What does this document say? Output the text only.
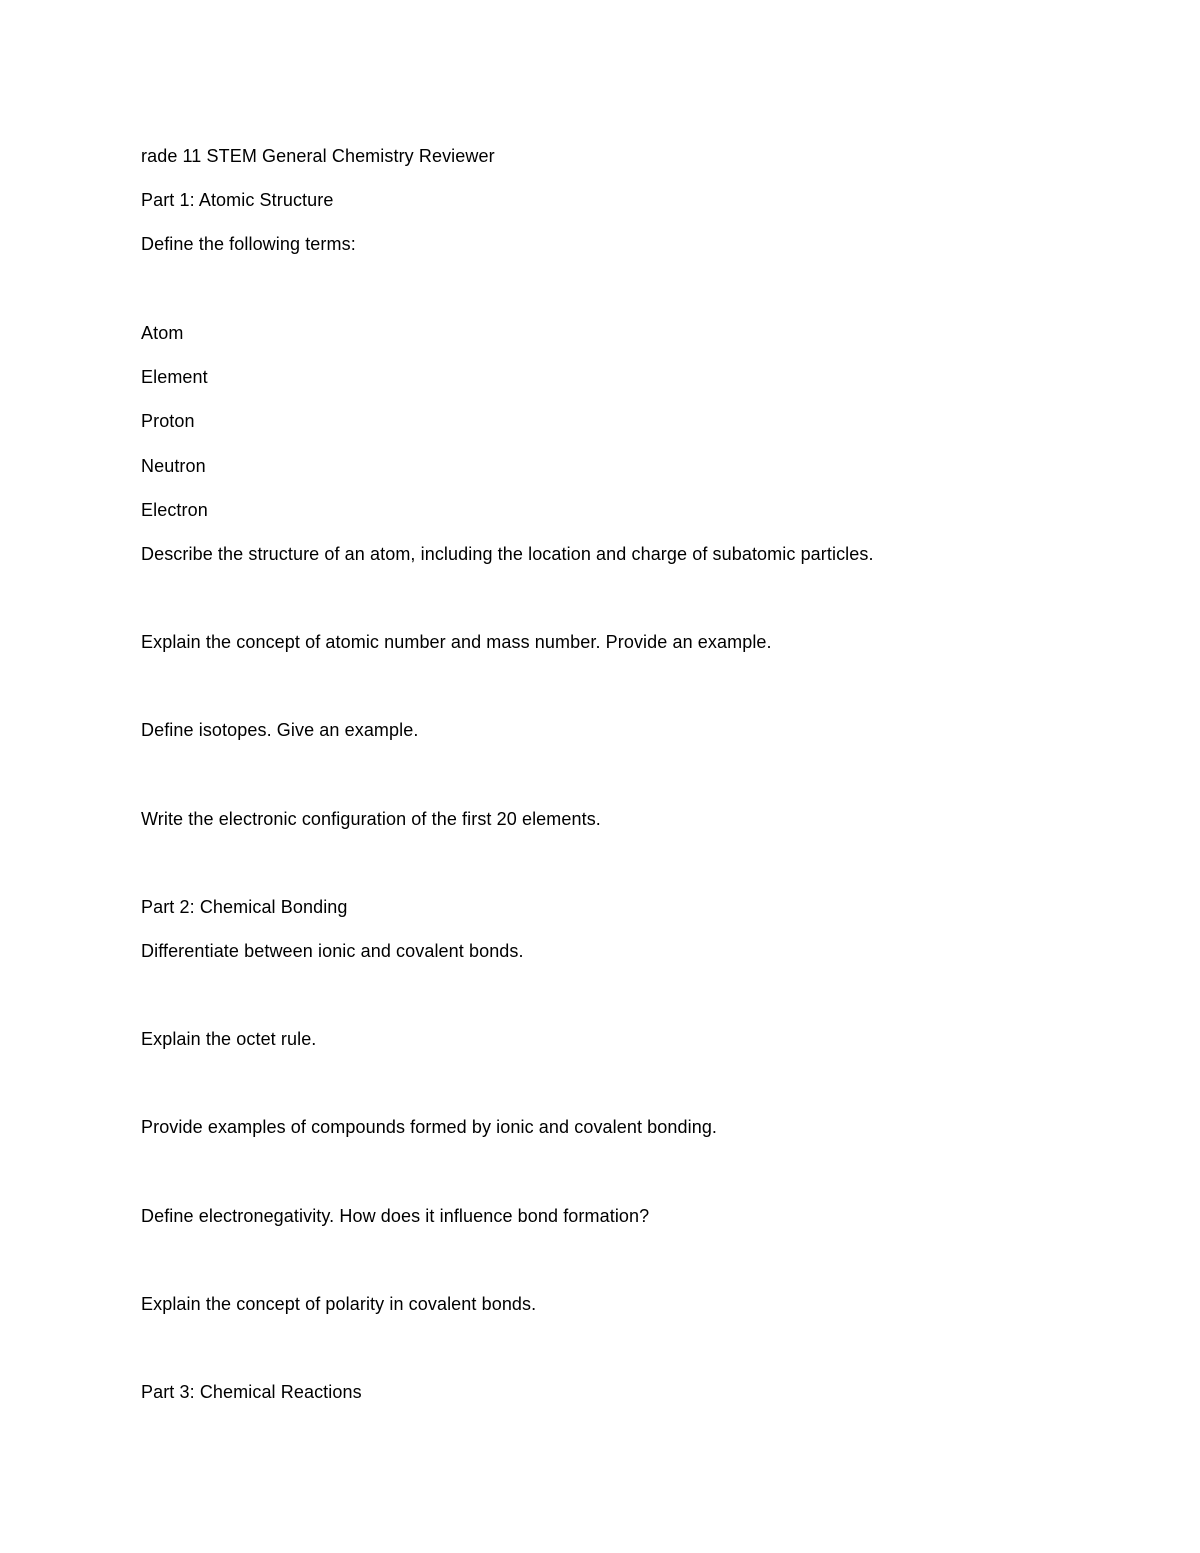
rade 11 STEM General Chemistry Reviewer

Part 1: Atomic Structure

Define the following terms:

Atom

Element

Proton

Neutron

Electron

Describe the structure of an atom, including the location and charge of subatomic particles.

Explain the concept of atomic number and mass number. Provide an example.

Define isotopes. Give an example.

Write the electronic configuration of the first 20 elements.

Part 2: Chemical Bonding

Differentiate between ionic and covalent bonds.

Explain the octet rule.

Provide examples of compounds formed by ionic and covalent bonding.

Define electronegativity. How does it influence bond formation?

Explain the concept of polarity in covalent bonds.

Part 3: Chemical Reactions
